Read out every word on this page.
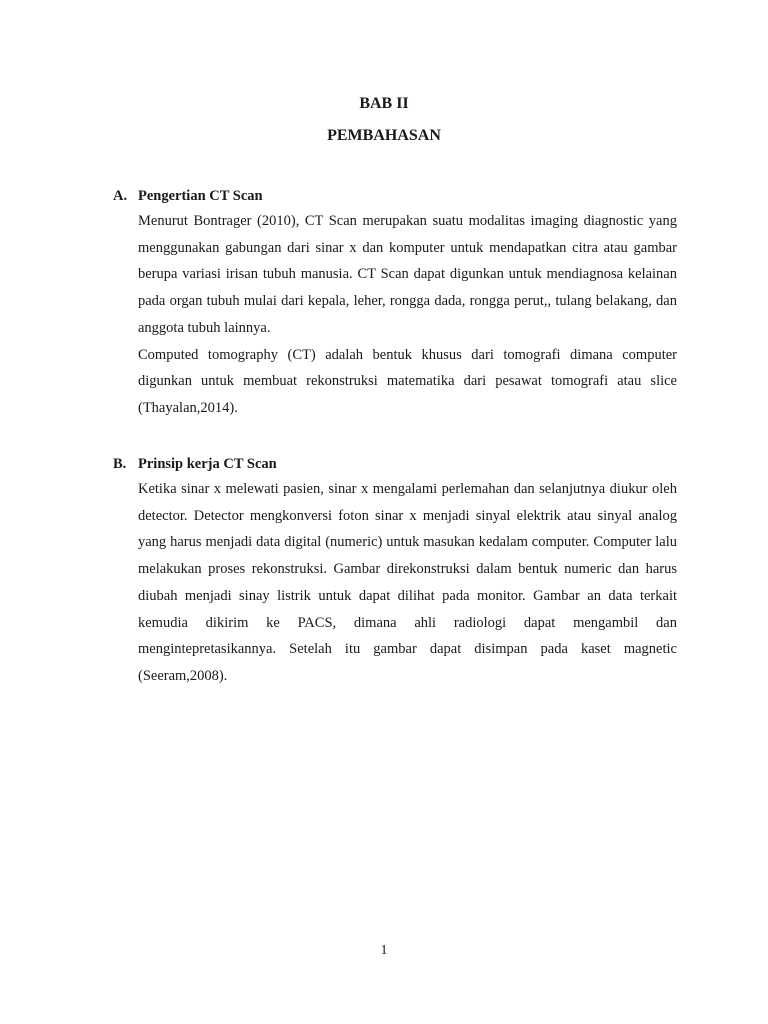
BAB II
PEMBAHASAN
A. Pengertian CT Scan

Menurut Bontrager (2010), CT Scan merupakan suatu modalitas imaging diagnostic yang menggunakan gabungan dari sinar x dan komputer untuk mendapatkan citra atau gambar berupa variasi irisan tubuh manusia. CT Scan dapat digunkan untuk mendiagnosa kelainan pada organ tubuh mulai dari kepala, leher, rongga dada, rongga perut,, tulang belakang, dan anggota tubuh lainnya.

Computed tomography (CT) adalah bentuk khusus dari tomografi dimana computer digunkan untuk membuat rekonstruksi matematika dari pesawat tomografi atau slice (Thayalan,2014).

B. Prinsip kerja CT Scan

Ketika sinar x melewati pasien, sinar x mengalami perlemahan dan selanjutnya diukur oleh detector. Detector mengkonversi foton sinar x menjadi sinyal elektrik atau sinyal analog yang harus menjadi data digital (numeric) untuk masukan kedalam computer. Computer lalu melakukan proses rekonstruksi. Gambar direkonstruksi dalam bentuk numeric dan harus diubah menjadi sinay listrik untuk dapat dilihat pada monitor. Gambar an data terkait kemudia dikirim ke PACS, dimana ahli radiologi dapat mengambil dan mengintepretasikannya. Setelah itu gambar dapat disimpan pada kaset magnetic (Seeram,2008).

1
